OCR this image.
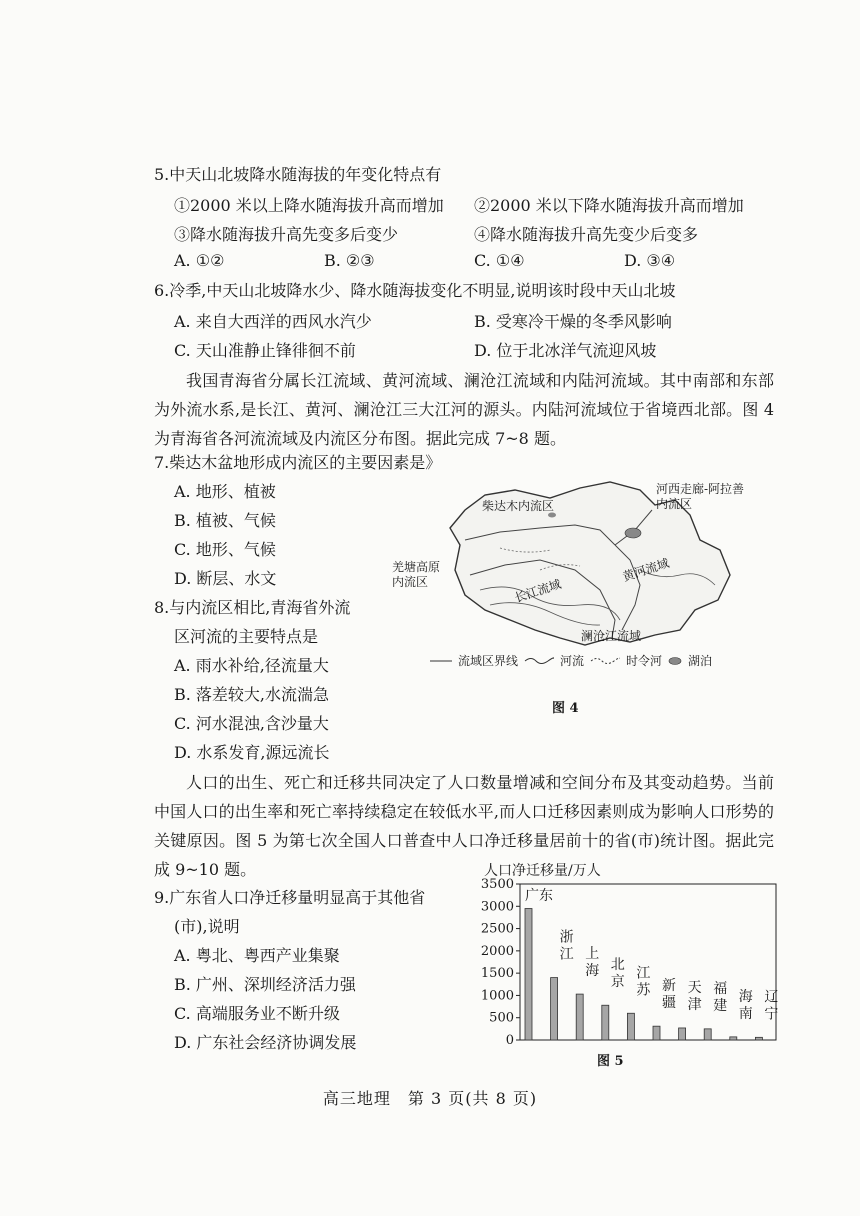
5.中天山北坡降水随海拔的年变化特点有
①2000 米以上降水随海拔升高而增加	②2000 米以下降水随海拔升高而增加
③降水随海拔升高先变多后变少	④降水随海拔升高先变少后变多
A. ①②	B. ②③	C. ①④	D. ③④
6.冷季,中天山北坡降水少、降水随海拔变化不明显,说明该时段中天山北坡
A. 来自大西洋的西风水汽少	B. 受寒冷干燥的冬季风影响
C. 天山准静止锋徘徊不前	D. 位于北冰洋气流迎风坡
我国青海省分属长江流域、黄河流域、澜沧江流域和内陆河流域。其中南部和东部为外流水系,是长江、黄河、澜沧江三大江河的源头。内陆河流域位于省境西北部。图 4 为青海省各河流流域及内流区分布图。据此完成 7~8 题。
7.柴达木盆地形成内流区的主要因素是》
A. 地形、植被
B. 植被、气候
C. 地形、气候
D. 断层、水文
8.与内流区相比,青海省外流
区河流的主要特点是
A. 雨水补给,径流量大
B. 落差较大,水流湍急
C. 河水混浊,含沙量大
D. 水系发育,源远流长
柴达木内流区
河西走廊-阿拉善
内流区
羌塘高原
内流区	长江流域
黄河流域
澜沧江流域
流域区界线	河流	时令河 湖泊
图 4
人口的出生、死亡和迁移共同决定了人口数量增减和空间分布及其变动趋势。当前中国人口的出生率和死亡率持续稳定在较低水平,而人口迁移因素则成为影响人口形势的关键原因。图 5 为第七次全国人口普查中人口净迁移量居前十的省(市)统计图。据此完成 9~10 题。
9.广东省人口净迁移量明显高于其他省
(市),说明
A. 粤北、粤西产业集聚
B. 广州、深圳经济活力强
C. 高端服务业不断升级
D. 广东社会经济协调发展
人口净迁移量/万人
0
500
1000
1500
2000
2500
3000
3500
广东
浙江 上海 北京
江苏 新疆
天津
福建
海南
辽宁
图 5
高三地理　第 3 页(共 8 页)
